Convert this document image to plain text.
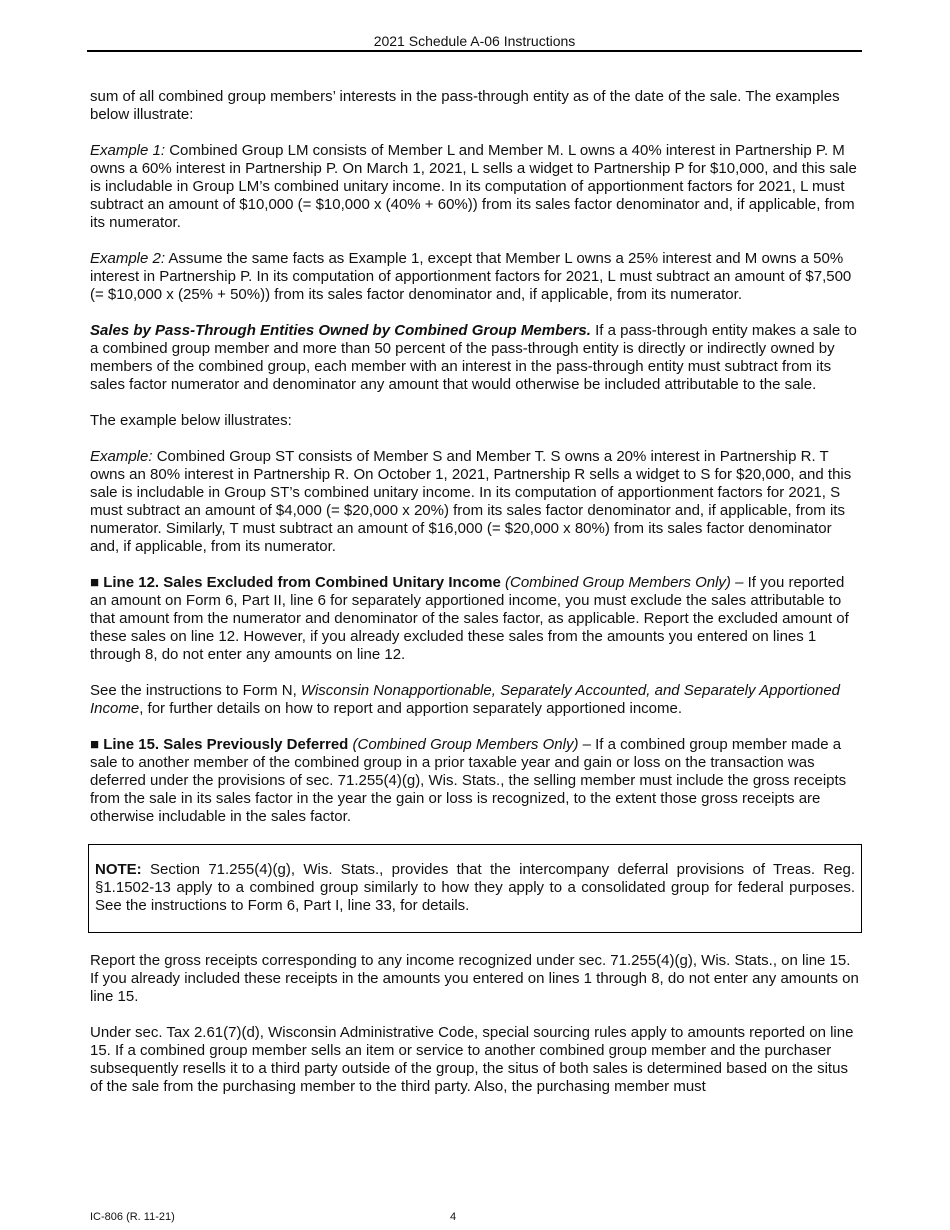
2021 Schedule A-06 Instructions

sum of all combined group members’ interests in the pass-through entity as of the date of the sale. The examples below illustrate:

Example 1: Combined Group LM consists of Member L and Member M. L owns a 40% interest in Partnership P. M owns a 60% interest in Partnership P. On March 1, 2021, L sells a widget to Partnership P for $10,000, and this sale is includable in Group LM’s combined unitary income. In its computation of apportionment factors for 2021, L must subtract an amount of $10,000 (= $10,000 x (40% + 60%)) from its sales factor denominator and, if applicable, from its numerator.

Example 2: Assume the same facts as Example 1, except that Member L owns a 25% interest and M owns a 50% interest in Partnership P. In its computation of apportionment factors for 2021, L must subtract an amount of $7,500 (= $10,000 x (25% + 50%)) from its sales factor denominator and, if applicable, from its numerator.

Sales by Pass-Through Entities Owned by Combined Group Members. If a pass-through entity makes a sale to a combined group member and more than 50 percent of the pass-through entity is directly or indirectly owned by members of the combined group, each member with an interest in the pass-through entity must subtract from its sales factor numerator and denominator any amount that would otherwise be included attributable to the sale.

The example below illustrates:

Example: Combined Group ST consists of Member S and Member T. S owns a 20% interest in Partnership R. T owns an 80% interest in Partnership R. On October 1, 2021, Partnership R sells a widget to S for $20,000, and this sale is includable in Group ST’s combined unitary income. In its computation of apportionment factors for 2021, S must subtract an amount of $4,000 (= $20,000 x 20%) from its sales factor denominator and, if applicable, from its numerator. Similarly, T must subtract an amount of $16,000 (= $20,000 x 80%) from its sales factor denominator and, if applicable, from its numerator.

■ Line 12. Sales Excluded from Combined Unitary Income (Combined Group Members Only) – If you reported an amount on Form 6, Part II, line 6 for separately apportioned income, you must exclude the sales attributable to that amount from the numerator and denominator of the sales factor, as applicable. Report the excluded amount of these sales on line 12. However, if you already excluded these sales from the amounts you entered on lines 1 through 8, do not enter any amounts on line 12.

See the instructions to Form N, Wisconsin Nonapportionable, Separately Accounted, and Separately Apportioned Income, for further details on how to report and apportion separately apportioned income.

■ Line 15. Sales Previously Deferred (Combined Group Members Only) – If a combined group member made a sale to another member of the combined group in a prior taxable year and gain or loss on the transaction was deferred under the provisions of sec. 71.255(4)(g), Wis. Stats., the selling member must include the gross receipts from the sale in its sales factor in the year the gain or loss is recognized, to the extent those gross receipts are otherwise includable in the sales factor.

NOTE: Section 71.255(4)(g), Wis. Stats., provides that the intercompany deferral provisions of Treas. Reg. §1.1502-13 apply to a combined group similarly to how they apply to a consolidated group for federal purposes. See the instructions to Form 6, Part I, line 33, for details.

Report the gross receipts corresponding to any income recognized under sec. 71.255(4)(g), Wis. Stats., on line 15. If you already included these receipts in the amounts you entered on lines 1 through 8, do not enter any amounts on line 15.

Under sec. Tax 2.61(7)(d), Wisconsin Administrative Code, special sourcing rules apply to amounts reported on line 15. If a combined group member sells an item or service to another combined group member and the purchaser subsequently resells it to a third party outside of the group, the situs of both sales is determined based on the situs of the sale from the purchasing member to the third party. Also, the purchasing member must

IC-806 (R. 11-21)	4
